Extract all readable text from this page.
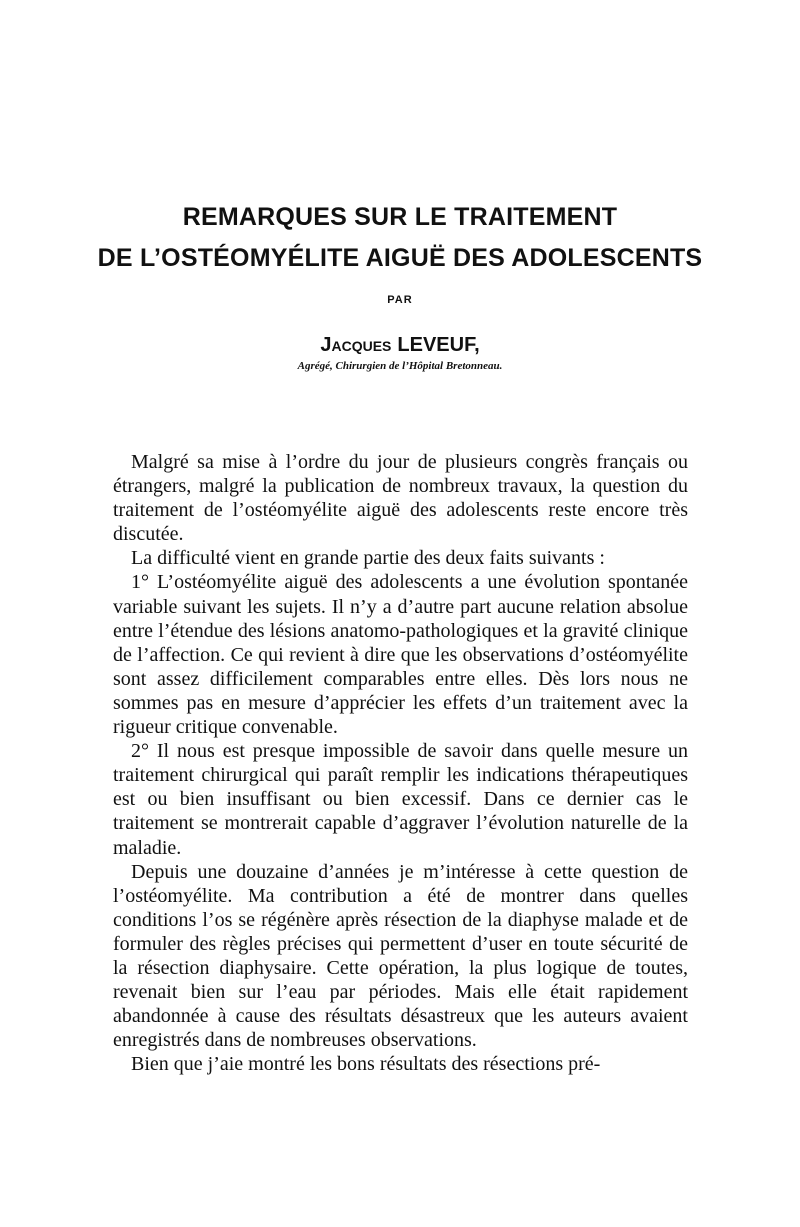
REMARQUES SUR LE TRAITEMENT
DE L’OSTÉOMYÉLITE AIGUË DES ADOLESCENTS
PAR
Jacques LEVEUF,
Agrégé, Chirurgien de l’Hôpital Bretonneau.

Malgré sa mise à l’ordre du jour de plusieurs congrès français ou étrangers, malgré la publication de nombreux travaux, la question du traitement de l’ostéomyélite aiguë des adolescents reste encore très discutée.

La difficulté vient en grande partie des deux faits suivants :

1° L’ostéomyélite aiguë des adolescents a une évolution spontanée variable suivant les sujets. Il n’y a d’autre part aucune relation absolue entre l’étendue des lésions anatomo-pathologiques et la gravité clinique de l’affection. Ce qui revient à dire que les observations d’ostéomyélite sont assez difficilement comparables entre elles. Dès lors nous ne sommes pas en mesure d’apprécier les effets d’un traitement avec la rigueur critique convenable.

2° Il nous est presque impossible de savoir dans quelle mesure un traitement chirurgical qui paraît remplir les indications thérapeutiques est ou bien insuffisant ou bien excessif. Dans ce dernier cas le traitement se montrerait capable d’aggraver l’évolution naturelle de la maladie.

Depuis une douzaine d’années je m’intéresse à cette question de l’ostéomyélite. Ma contribution a été de montrer dans quelles conditions l’os se régénère après résection de la diaphyse malade et de formuler des règles précises qui permettent d’user en toute sécurité de la résection diaphysaire. Cette opération, la plus logique de toutes, revenait bien sur l’eau par périodes. Mais elle était rapidement abandonnée à cause des résultats désastreux que les auteurs avaient enregistrés dans de nombreuses observations.

Bien que j’aie montré les bons résultats des résections pré-
